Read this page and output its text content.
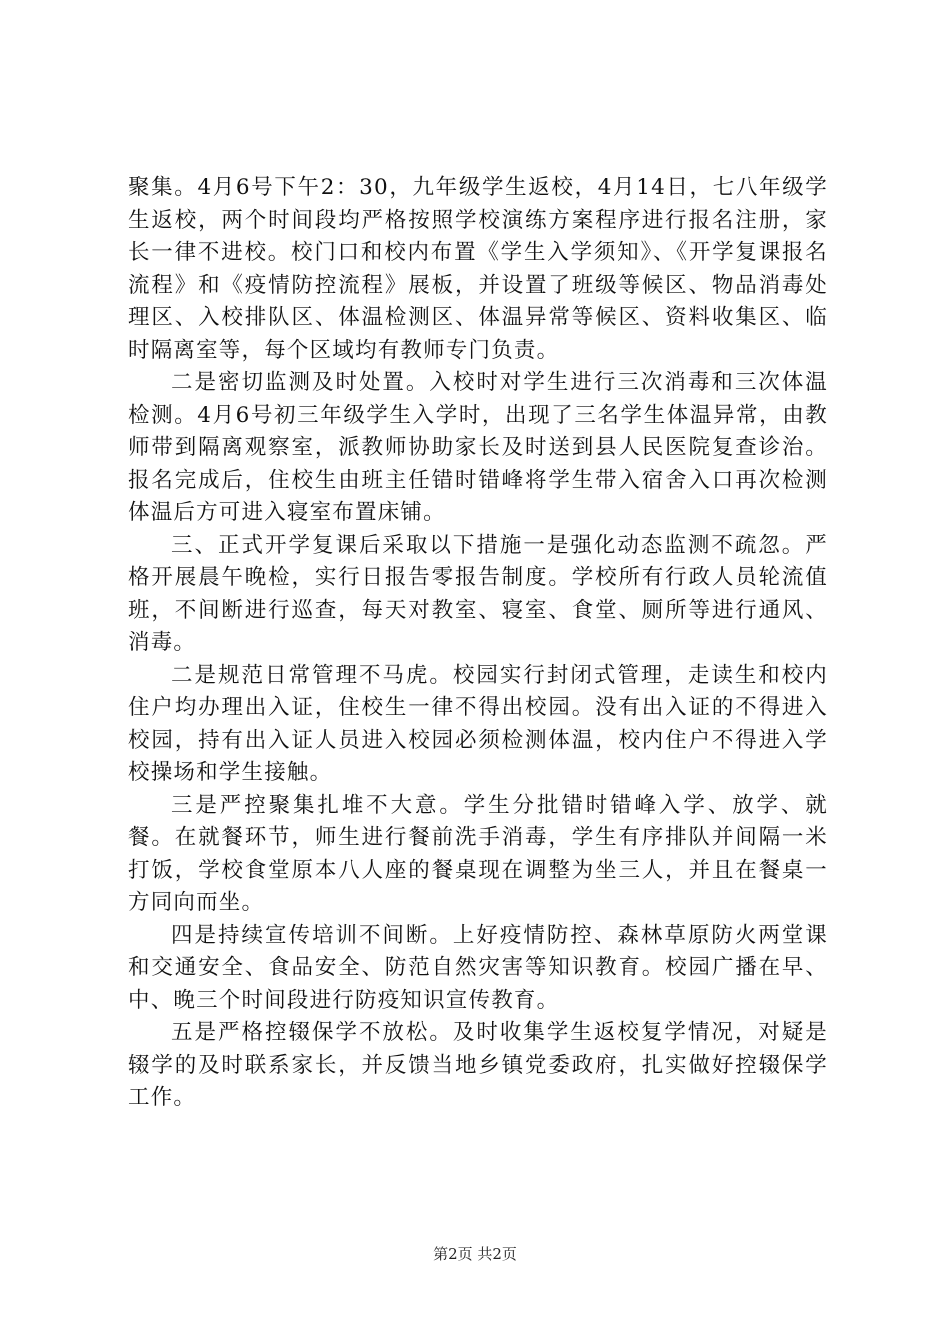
聚集。4月6号下午2：30，九年级学生返校，4月14日，七八年级学生返校，两个时间段均严格按照学校演练方案程序进行报名注册，家长一律不进校。校门口和校内布置《学生入学须知》、《开学复课报名流程》和《疫情防控流程》展板，并设置了班级等候区、物品消毒处理区、入校排队区、体温检测区、体温异常等候区、资料收集区、临时隔离室等，每个区域均有教师专门负责。

二是密切监测及时处置。入校时对学生进行三次消毒和三次体温检测。4月6号初三年级学生入学时，出现了三名学生体温异常，由教师带到隔离观察室，派教师协助家长及时送到县人民医院复查诊治。报名完成后，住校生由班主任错时错峰将学生带入宿舍入口再次检测体温后方可进入寝室布置床铺。

三、正式开学复课后采取以下措施一是强化动态监测不疏忽。严格开展晨午晚检，实行日报告零报告制度。学校所有行政人员轮流值班，不间断进行巡查，每天对教室、寝室、食堂、厕所等进行通风、消毒。

二是规范日常管理不马虎。校园实行封闭式管理，走读生和校内住户均办理出入证，住校生一律不得出校园。没有出入证的不得进入校园，持有出入证人员进入校园必须检测体温，校内住户不得进入学校操场和学生接触。

三是严控聚集扎堆不大意。学生分批错时错峰入学、放学、就餐。在就餐环节，师生进行餐前洗手消毒，学生有序排队并间隔一米打饭，学校食堂原本八人座的餐桌现在调整为坐三人，并且在餐桌一方同向而坐。

四是持续宣传培训不间断。上好疫情防控、森林草原防火两堂课和交通安全、食品安全、防范自然灾害等知识教育。校园广播在早、中、晚三个时间段进行防疫知识宣传教育。

五是严格控辍保学不放松。及时收集学生返校复学情况，对疑是辍学的及时联系家长，并反馈当地乡镇党委政府，扎实做好控辍保学工作。

第2页 共2页
